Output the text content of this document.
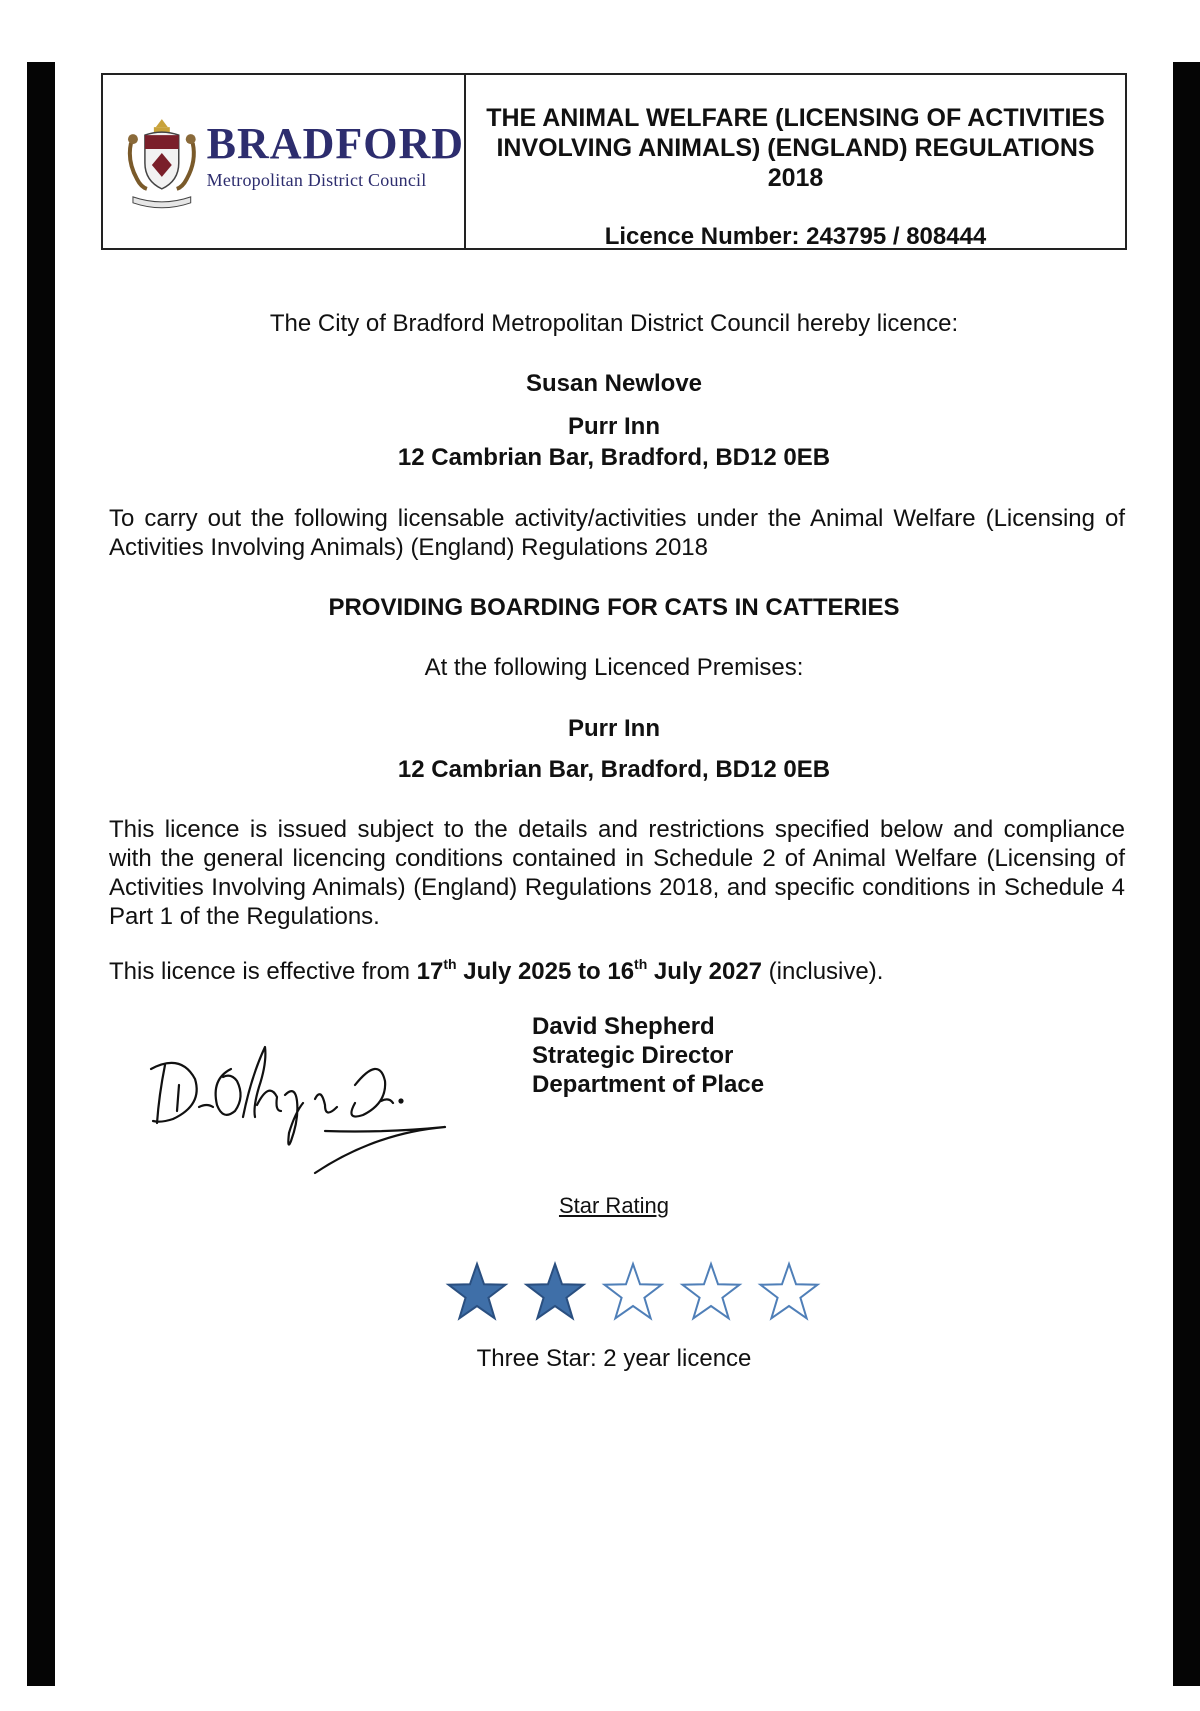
BRADFORD
Metropolitan District Council
THE ANIMAL WELFARE (LICENSING OF ACTIVITIES
INVOLVING ANIMALS) (ENGLAND) REGULATIONS 2018
Licence Number: 243795 / 808444
The City of Bradford Metropolitan District Council hereby licence:
Susan Newlove
Purr Inn
12 Cambrian Bar, Bradford, BD12 0EB
To carry out the following licensable activity/activities under the Animal Welfare (Licensing of Activities Involving Animals) (England) Regulations 2018
PROVIDING BOARDING FOR CATS IN CATTERIES
At the following Licenced Premises:
Purr Inn
12 Cambrian Bar, Bradford, BD12 0EB
This licence is issued subject to the details and restrictions specified below and compliance with the general licencing conditions contained in Schedule 2 of Animal Welfare (Licensing of Activities Involving Animals) (England) Regulations 2018, and specific conditions in Schedule 4 Part 1 of the Regulations.
This licence is effective from 17th July 2025 to 16th July 2027 (inclusive).
David Shepherd
Strategic Director
Department of Place
Star Rating
Three Star: 2 year licence
